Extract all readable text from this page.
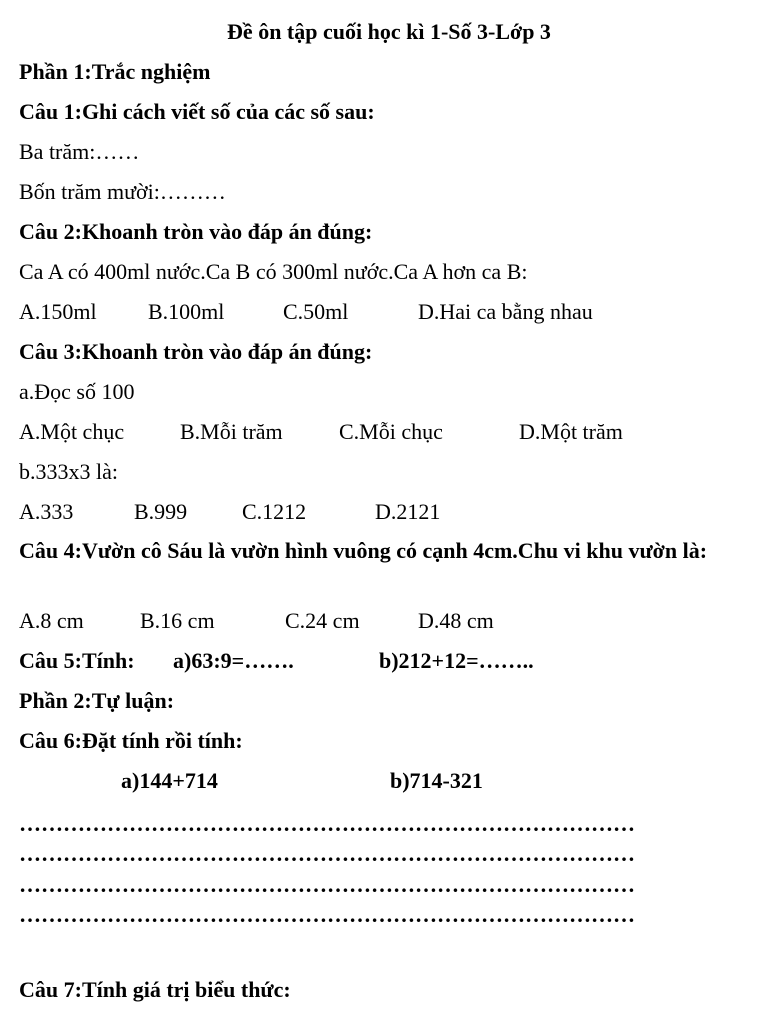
Đề ôn tập cuối học kì 1-Số 3-Lớp 3
Phần 1:Trắc nghiệm
Câu 1:Ghi cách viết số của các số sau:
Ba trăm:……
Bốn trăm mười:………
Câu 2:Khoanh tròn vào đáp án đúng:
Ca A có 400ml nước.Ca B có 300ml nước.Ca A hơn ca B:
A.150ml B.100ml	C.50ml	D.Hai ca bằng nhau
Câu 3:Khoanh tròn vào đáp án đúng:
a.Đọc số 100
A.Một chục	B.Mỗi trăm	C.Mỗi chục	D.Một trăm
b.333x3 là:
A.333	B.999 C.1212	D.2121
Câu 4:Vườn cô Sáu là vườn hình vuông có cạnh 4cm.Chu vi khu vườn là:
A.8 cm	B.16 cm	C.24 cm	D.48 cm
Câu 5:Tính: a)63:9=…….	b)212+12=……..
Phần 2:Tự luận:
Câu 6:Đặt tính rồi tính:
a)144+714	b)714-321
…………………………………………………………………………
…………………………………………………………………………
…………………………………………………………………………
…………………………………………………………………………
Câu 7:Tính giá trị biểu thức:
